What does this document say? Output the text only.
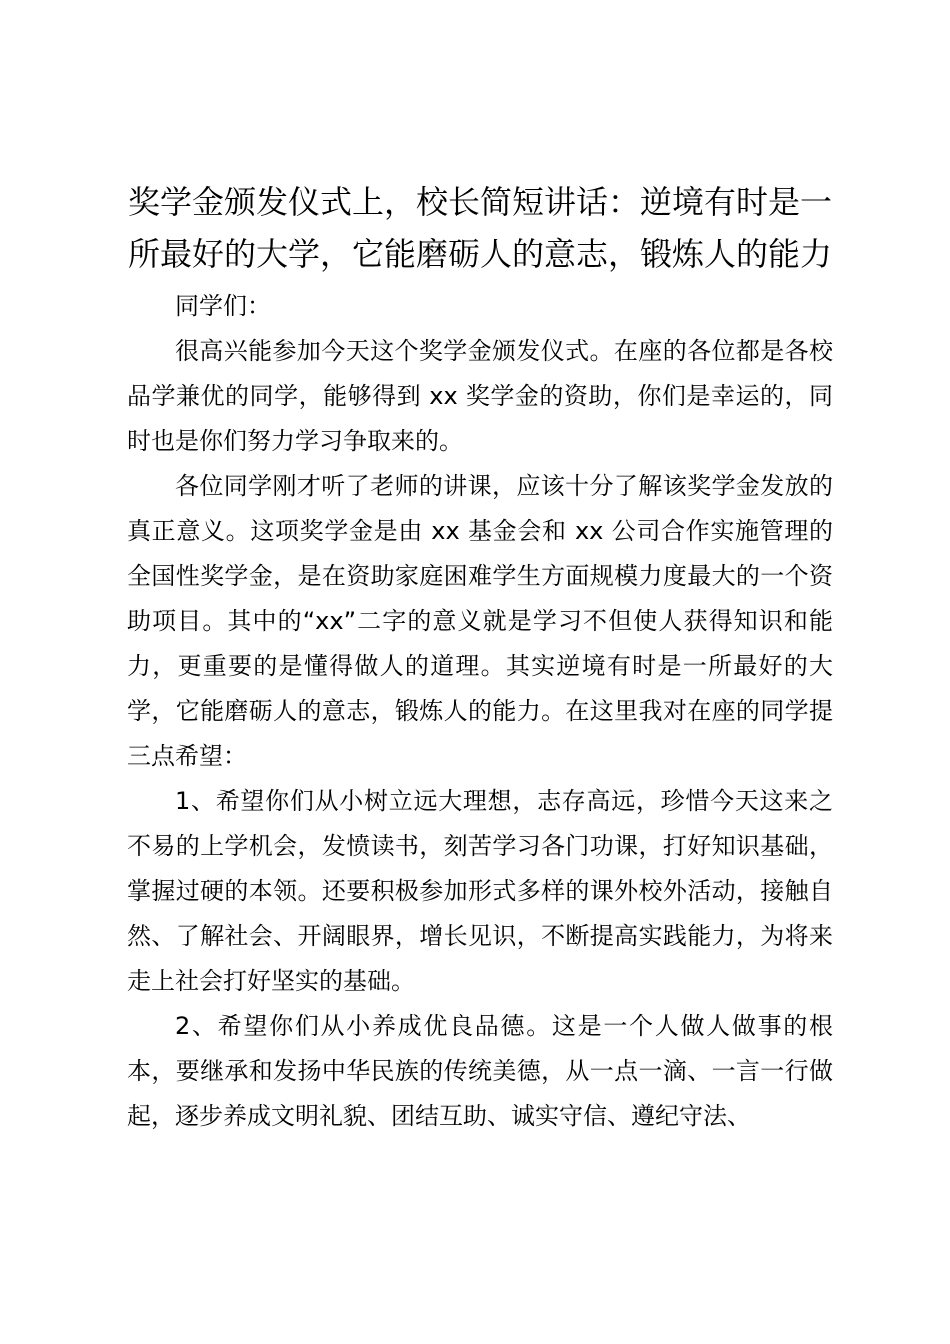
奖学金颁发仪式上，校长简短讲话：逆境有时是一所最好的大学，它能磨砺人的意志，锻炼人的能力

同学们：

很高兴能参加今天这个奖学金颁发仪式。在座的各位都是各校品学兼优的同学，能够得到 xx 奖学金的资助，你们是幸运的，同时也是你们努力学习争取来的。

各位同学刚才听了老师的讲课，应该十分了解该奖学金发放的真正意义。这项奖学金是由 xx 基金会和 xx 公司合作实施管理的全国性奖学金，是在资助家庭困难学生方面规模力度最大的一个资助项目。其中的“xx”二字的意义就是学习不但使人获得知识和能力，更重要的是懂得做人的道理。其实逆境有时是一所最好的大学，它能磨砺人的意志，锻炼人的能力。在这里我对在座的同学提三点希望：

1、希望你们从小树立远大理想，志存高远，珍惜今天这来之不易的上学机会，发愤读书，刻苦学习各门功课，打好知识基础，掌握过硬的本领。还要积极参加形式多样的课外校外活动，接触自然、了解社会、开阔眼界，增长见识，不断提高实践能力，为将来走上社会打好坚实的基础。

2、希望你们从小养成优良品德。这是一个人做人做事的根本，要继承和发扬中华民族的传统美德，从一点一滴、一言一行做起，逐步养成文明礼貌、团结互助、诚实守信、遵纪守法、
